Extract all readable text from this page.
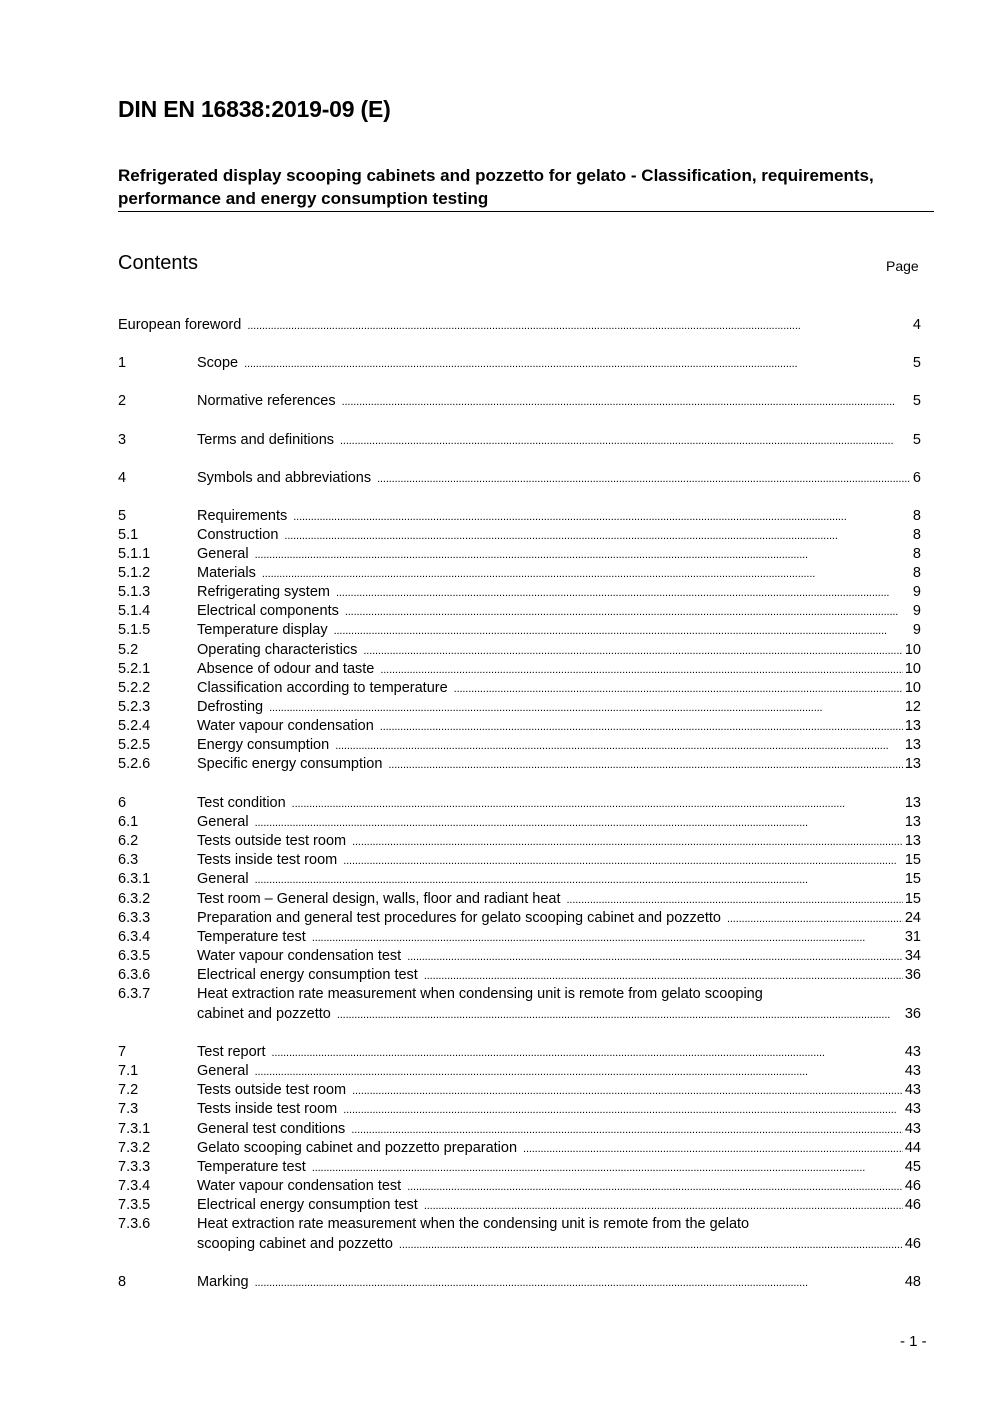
DIN EN 16838:2019-09 (E)
Refrigerated display scooping cabinets and pozzetto for gelato - Classification, requirements, performance and energy consumption testing
Contents	Page
European foreword . . .	4
1	Scope . . .	5
2	Normative references . . .	5
3	Terms and definitions . . .	5
4	Symbols and abbreviations . . .	6
5	Requirements . . .	8
5.1	Construction . . .	8
5.1.1	General . . .	8
5.1.2	Materials . . .	8
5.1.3	Refrigerating system . . .	9
5.1.4	Electrical components . . .	9
5.1.5	Temperature display . . .	9
5.2	Operating characteristics . . .	10
5.2.1	Absence of odour and taste . . .	10
5.2.2	Classification according to temperature . . .	10
5.2.3	Defrosting . . .	12
5.2.4	Water vapour condensation . . .	13
5.2.5	Energy consumption . . .	13
5.2.6	Specific energy consumption . . .	13
6	Test condition . . .	13
6.1	General . . .	13
6.2	Tests outside test room . . .	13
6.3	Tests inside test room . . .	15
6.3.1	General . . .	15
6.3.2	Test room – General design, walls, floor and radiant heat . . .	15
6.3.3	Preparation and general test procedures for gelato scooping cabinet and pozzetto . . .	24
6.3.4	Temperature test . . .	31
6.3.5	Water vapour condensation test . . .	34
6.3.6	Electrical energy consumption test . . .	36
6.3.7	Heat extraction rate measurement when condensing unit is remote from gelato scooping
cabinet and pozzetto . . .	36
7	Test report . . .	43
7.1	General . . .	43
7.2	Tests outside test room . . .	43
7.3	Tests inside test room . . .	43
7.3.1	General test conditions . . .	43
7.3.2	Gelato scooping cabinet and pozzetto preparation . . .	44
7.3.3	Temperature test . . .	45
7.3.4	Water vapour condensation test . . .	46
7.3.5	Electrical energy consumption test . . .	46
7.3.6	Heat extraction rate measurement when the condensing unit is remote from the gelato
scooping cabinet and pozzetto . . .	46
8	Marking . . .	48
- 1 -
